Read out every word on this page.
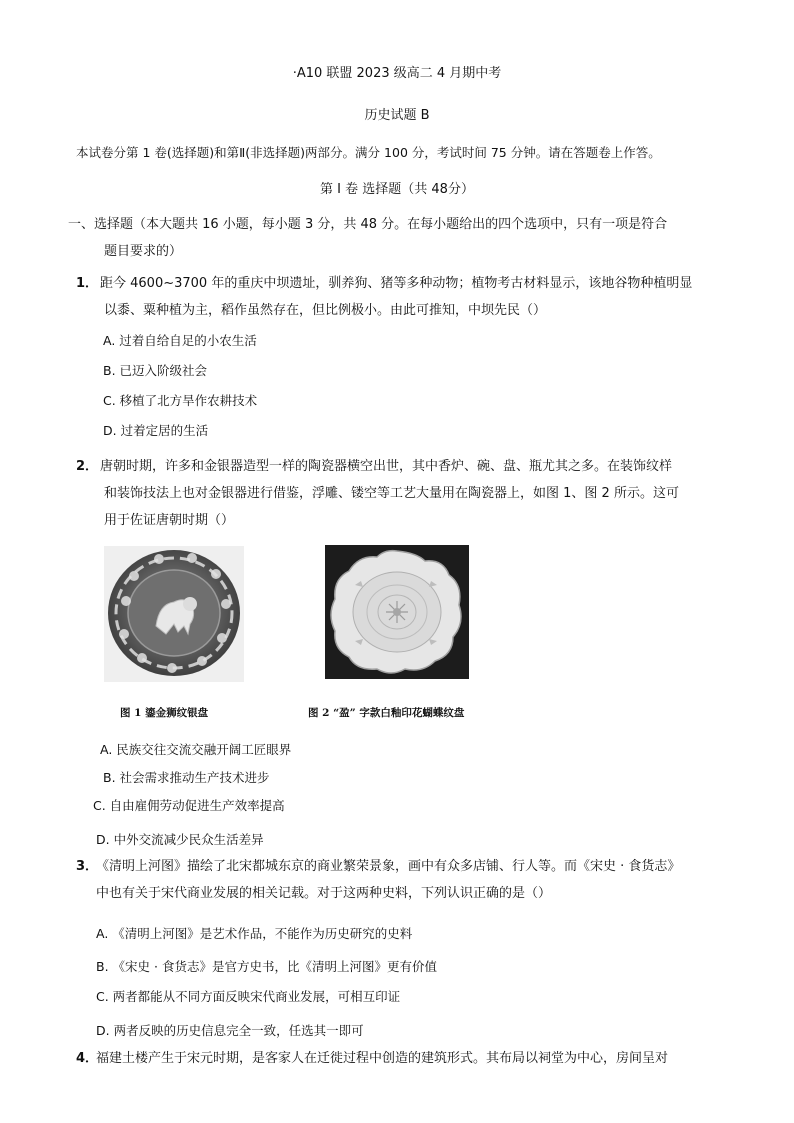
·A10 联盟 2023 级高二 4 月期中考
历史试题 B
本试卷分第 1 卷(选择题)和第Ⅱ(非选择题)两部分。满分 100 分，考试时间 75 分钟。请在答题卷上作答。
第 I 卷 选择题（共 48分）
一、选择题（本大题共 16 小题，每小题 3 分，共 48 分。在每小题给出的四个选项中，只有一项是符合
题目要求的）
1． 距今 4600~3700 年的重庆中坝遗址，驯养狗、猪等多种动物；植物考古材料显示，该地谷物种植明显
以黍、粟种植为主，稻作虽然存在，但比例极小。由此可推知，中坝先民（）
A. 过着自给自足的小农生活
B. 已迈入阶级社会
C. 移植了北方旱作农耕技术
D. 过着定居的生活
2． 唐朝时期，许多和金银器造型一样的陶瓷器横空出世，其中香炉、碗、盘、瓶尤其之多。在装饰纹样
和装饰技法上也对金银器进行借鉴，浮雕、镂空等工艺大量用在陶瓷器上，如图 1、图 2 所示。这可
用于佐证唐朝时期（）
图 1 鎏金狮纹银盘	图 2 “盈” 字款白釉印花蝴蝶纹盘
A. 民族交往交流交融开阔工匠眼界
B. 社会需求推动生产技术进步
C. 自由雇佣劳动促进生产效率提高
D. 中外交流减少民众生活差异
3．
《清明上河图》描绘了北宋都城东京的商业繁荣景象，画中有众多店铺、行人等。而《宋史 · 食货志》
中也有关于宋代商业发展的相关记载。对于这两种史料，下列认识正确的是（）
A. 《清明上河图》是艺术作品，不能作为历史研究的史料
B. 《宋史 · 食货志》是官方史书，比《清明上河图》更有价值
C. 两者都能从不同方面反映宋代商业发展，可相互印证
D. 两者反映的历史信息完全一致，任选其一即可
4．
福建土楼产生于宋元时期，是客家人在迁徙过程中创造的建筑形式。其布局以祠堂为中心，房间呈对
